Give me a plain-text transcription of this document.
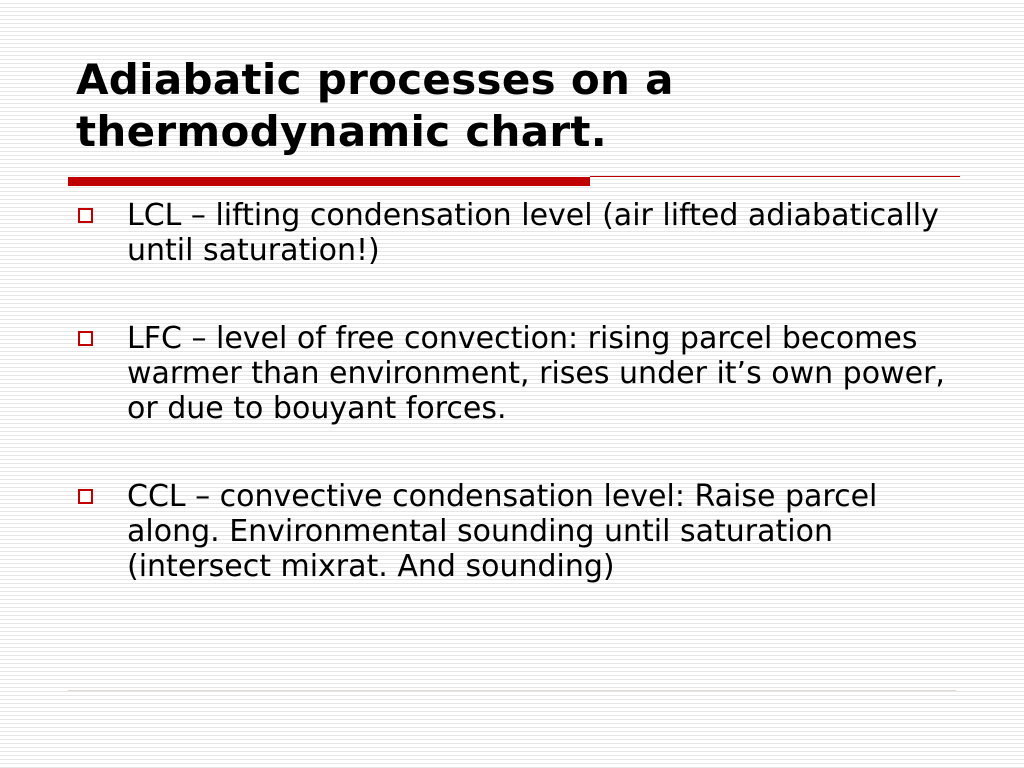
Adiabatic processes on a thermodynamic chart.
LCL – lifting condensation level (air lifted adiabatically until saturation!)
LFC – level of free convection: rising parcel becomes warmer than environment, rises under it’s own power, or due to bouyant forces.
CCL – convective condensation level: Raise parcel along. Environmental sounding until saturation (intersect mixrat. And sounding)
